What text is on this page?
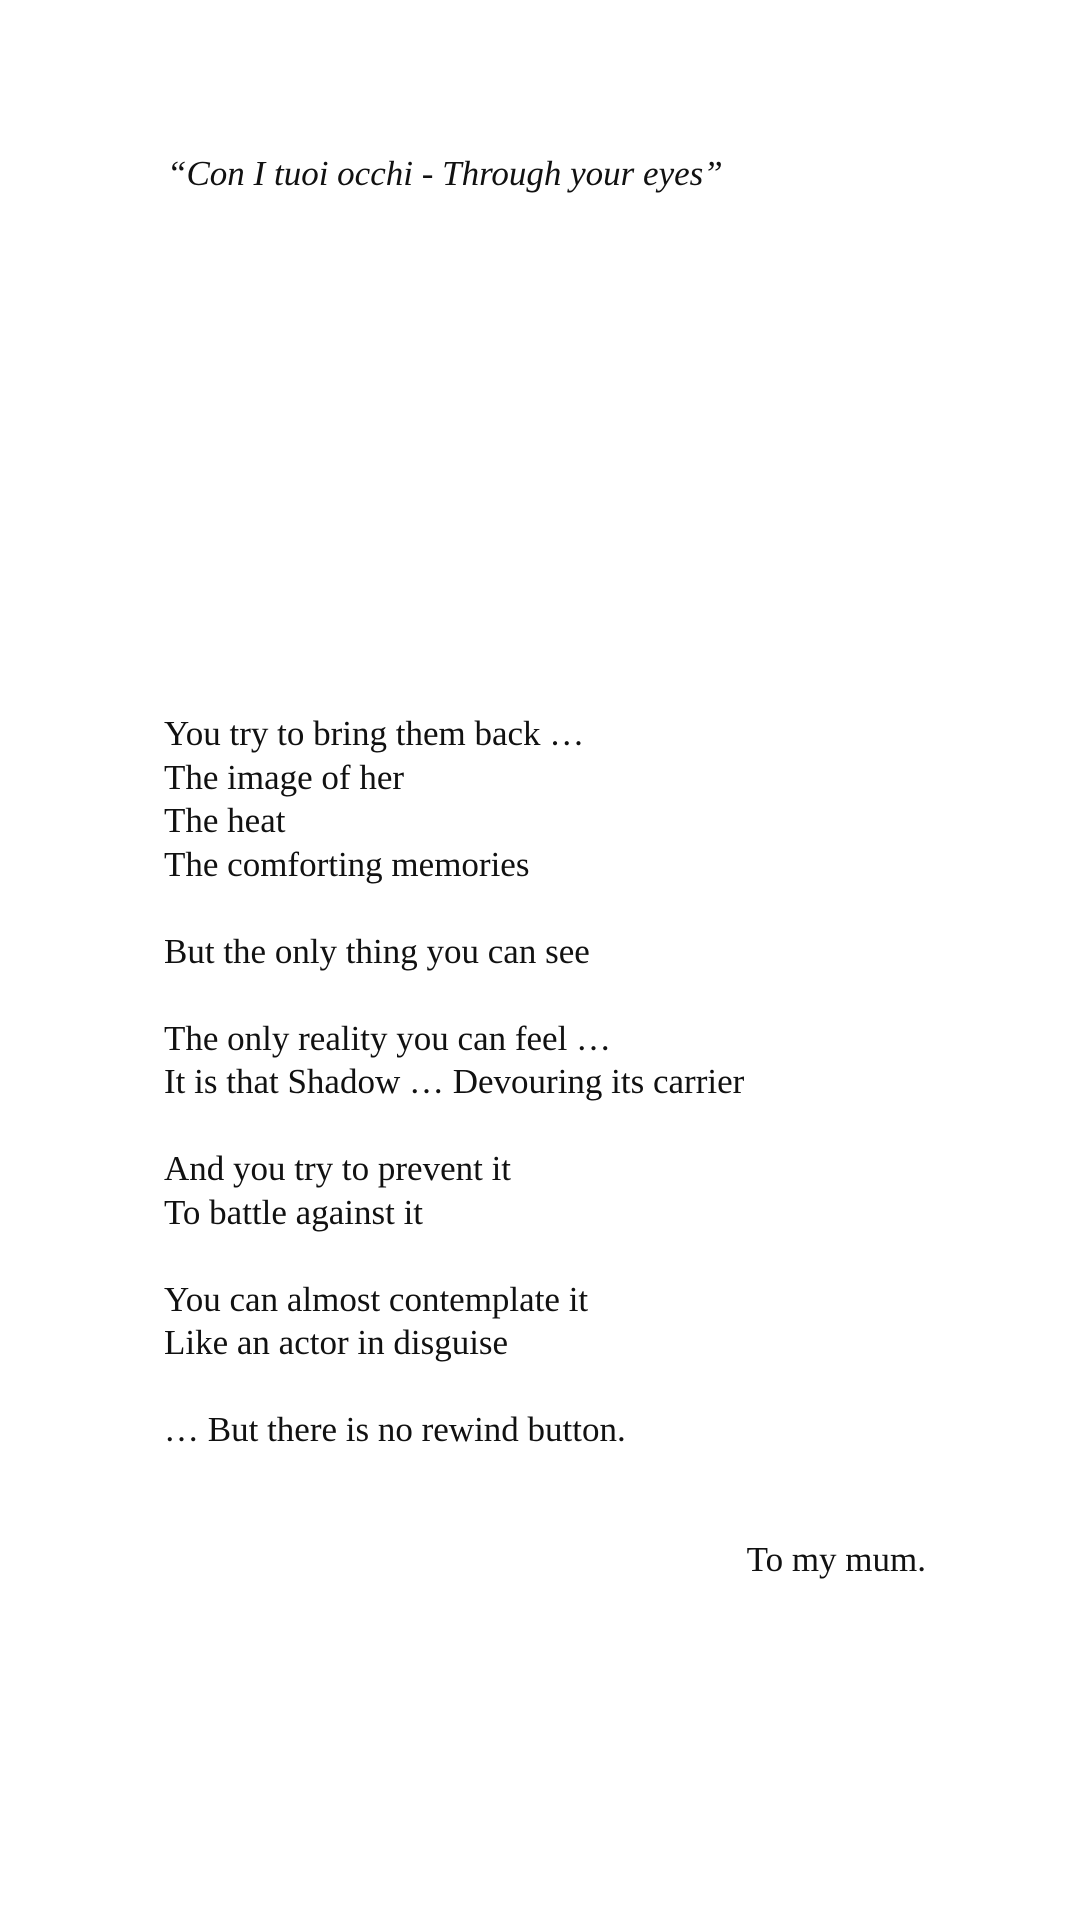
“Con I tuoi occhi - Through your eyes”
You try to bring them back …
The image of her
The heat
The comforting memories
But the only thing you can see
The only reality you can feel …
It is that Shadow … Devouring its carrier
And you try to prevent it
To battle against it
You can almost contemplate it
Like an actor in disguise
… But there is no rewind button.
To my mum.
